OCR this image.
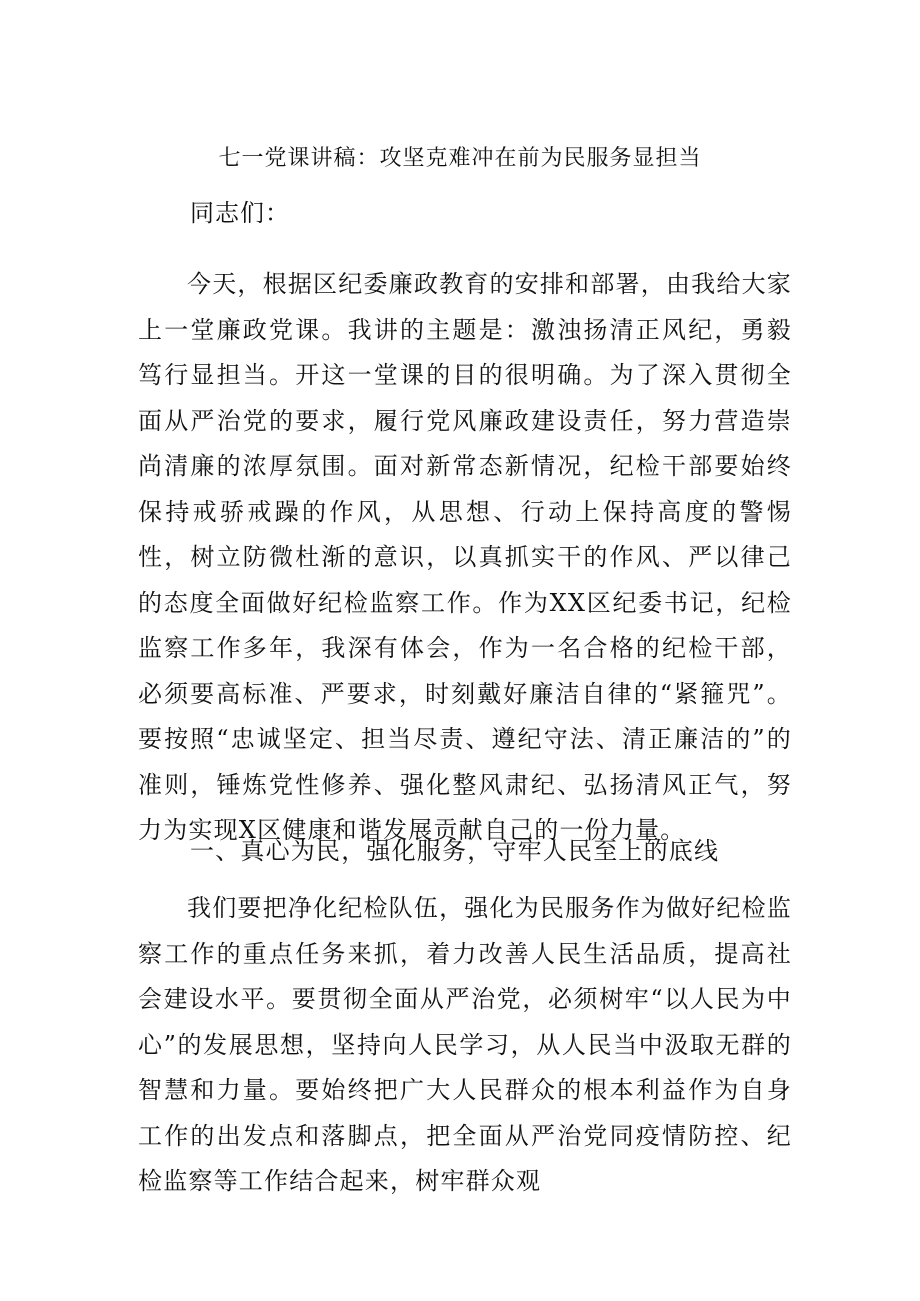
七一党课讲稿：攻坚克难冲在前为民服务显担当

同志们：

今天，根据区纪委廉政教育的安排和部署，由我给大家上一堂廉政党课。我讲的主题是：激浊扬清正风纪，勇毅笃行显担当。开这一堂课的目的很明确。为了深入贯彻全面从严治党的要求，履行党风廉政建设责任，努力营造崇尚清廉的浓厚氛围。面对新常态新情况，纪检干部要始终保持戒骄戒躁的作风，从思想、行动上保持高度的警惕性，树立防微杜渐的意识，以真抓实干的作风、严以律己的态度全面做好纪检监察工作。作为XX区纪委书记，纪检监察工作多年，我深有体会，作为一名合格的纪检干部，必须要高标准、严要求，时刻戴好廉洁自律的“紧箍咒”。要按照“忠诚坚定、担当尽责、遵纪守法、清正廉洁的”的准则，锤炼党性修养、强化整风肃纪、弘扬清风正气，努力为实现X区健康和谐发展贡献自己的一份力量。

一、真心为民，强化服务，守牢人民至上的底线

我们要把净化纪检队伍，强化为民服务作为做好纪检监察工作的重点任务来抓，着力改善人民生活品质，提高社会建设水平。要贯彻全面从严治党，必须树牢“以人民为中心”的发展思想，坚持向人民学习，从人民当中汲取无群的智慧和力量。要始终把广大人民群众的根本利益作为自身工作的出发点和落脚点，把全面从严治党同疫情防控、纪检监察等工作结合起来，树牢群众观
